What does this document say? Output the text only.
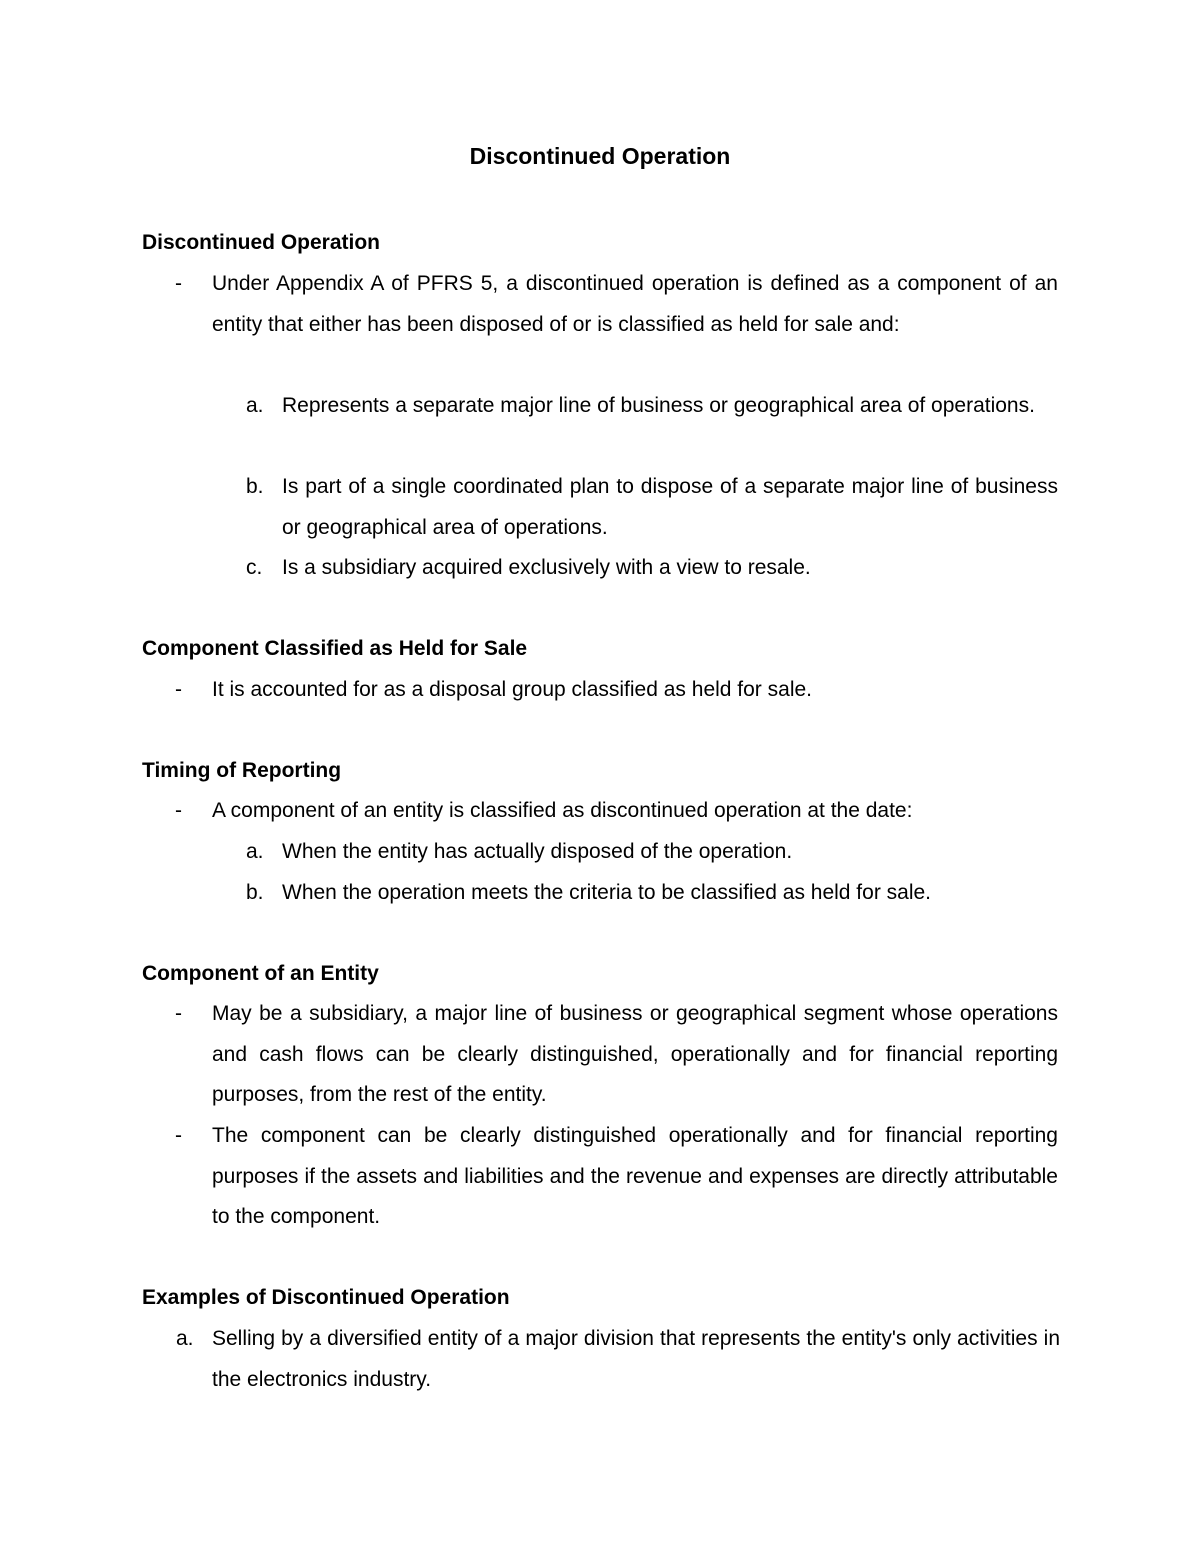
Discontinued Operation
Discontinued Operation
- Under Appendix A of PFRS 5, a discontinued operation is defined as a component of an entity that either has been disposed of or is classified as held for sale and:
a. Represents a separate major line of business or geographical area of operations.
b. Is part of a single coordinated plan to dispose of a separate major line of business or geographical area of operations.
c. Is a subsidiary acquired exclusively with a view to resale.
Component Classified as Held for Sale
- It is accounted for as a disposal group classified as held for sale.
Timing of Reporting
- A component of an entity is classified as discontinued operation at the date:
a. When the entity has actually disposed of the operation.
b. When the operation meets the criteria to be classified as held for sale.
Component of an Entity
- May be a subsidiary, a major line of business or geographical segment whose operations and cash flows can be clearly distinguished, operationally and for financial reporting purposes, from the rest of the entity.
- The component can be clearly distinguished operationally and for financial reporting purposes if the assets and liabilities and the revenue and expenses are directly attributable to the component.
Examples of Discontinued Operation
a. Selling by a diversified entity of a major division that represents the entity's only activities in the electronics industry.
